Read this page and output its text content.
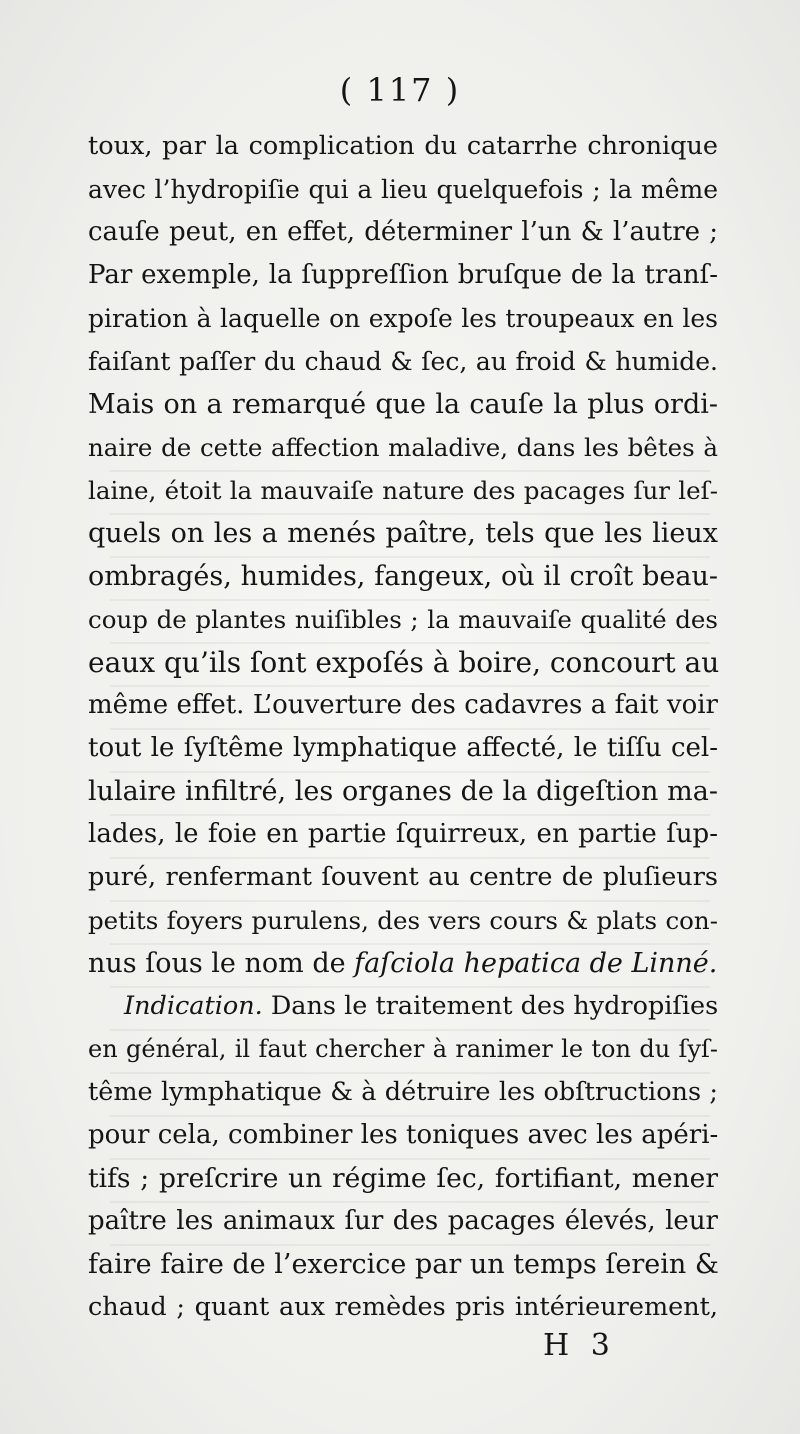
( 117 )
toux, par la complication du catarrhe chronique
avec l’hydropiſie qui a lieu quelquefois ; la même
cauſe peut, en effet, déterminer l’un & l’autre ;
Par exemple, la ſuppreſſion bruſque de la tranſ-
piration à laquelle on expoſe les troupeaux en les
faiſant paſſer du chaud & ſec, au froid & humide.
Mais on a remarqué que la cauſe la plus ordi-
naire de cette affection maladive, dans les bêtes à
laine, étoit la mauvaiſe nature des pacages ſur leſ-
quels on les a menés paître, tels que les lieux
ombragés, humides, fangeux, où il croît beau-
coup de plantes nuiſibles ; la mauvaiſe qualité des
eaux qu’ils ſont expoſés à boire, concourt au
même effet. L’ouverture des cadavres a fait voir
tout le ſyſtême lymphatique affecté, le tiſſu cel-
lulaire infiltré, les organes de la digeſtion ma-
lades, le foie en partie ſquirreux, en partie ſup-
puré, renfermant ſouvent au centre de pluſieurs
petits foyers purulens, des vers cours & plats con-
nus ſous le nom de faſciola hepatica de Linné.
Indication. Dans le traitement des hydropiſies
en général, il faut chercher à ranimer le ton du ſyſ-
tême lymphatique & à détruire les obſtructions ;
pour cela, combiner les toniques avec les apéri-
tifs ; preſcrire un régime ſec, fortifiant, mener
paître les animaux ſur des pacages élevés, leur
faire faire de l’exercice par un temps ſerein &
chaud ; quant aux remèdes pris intérieurement,
H 3
